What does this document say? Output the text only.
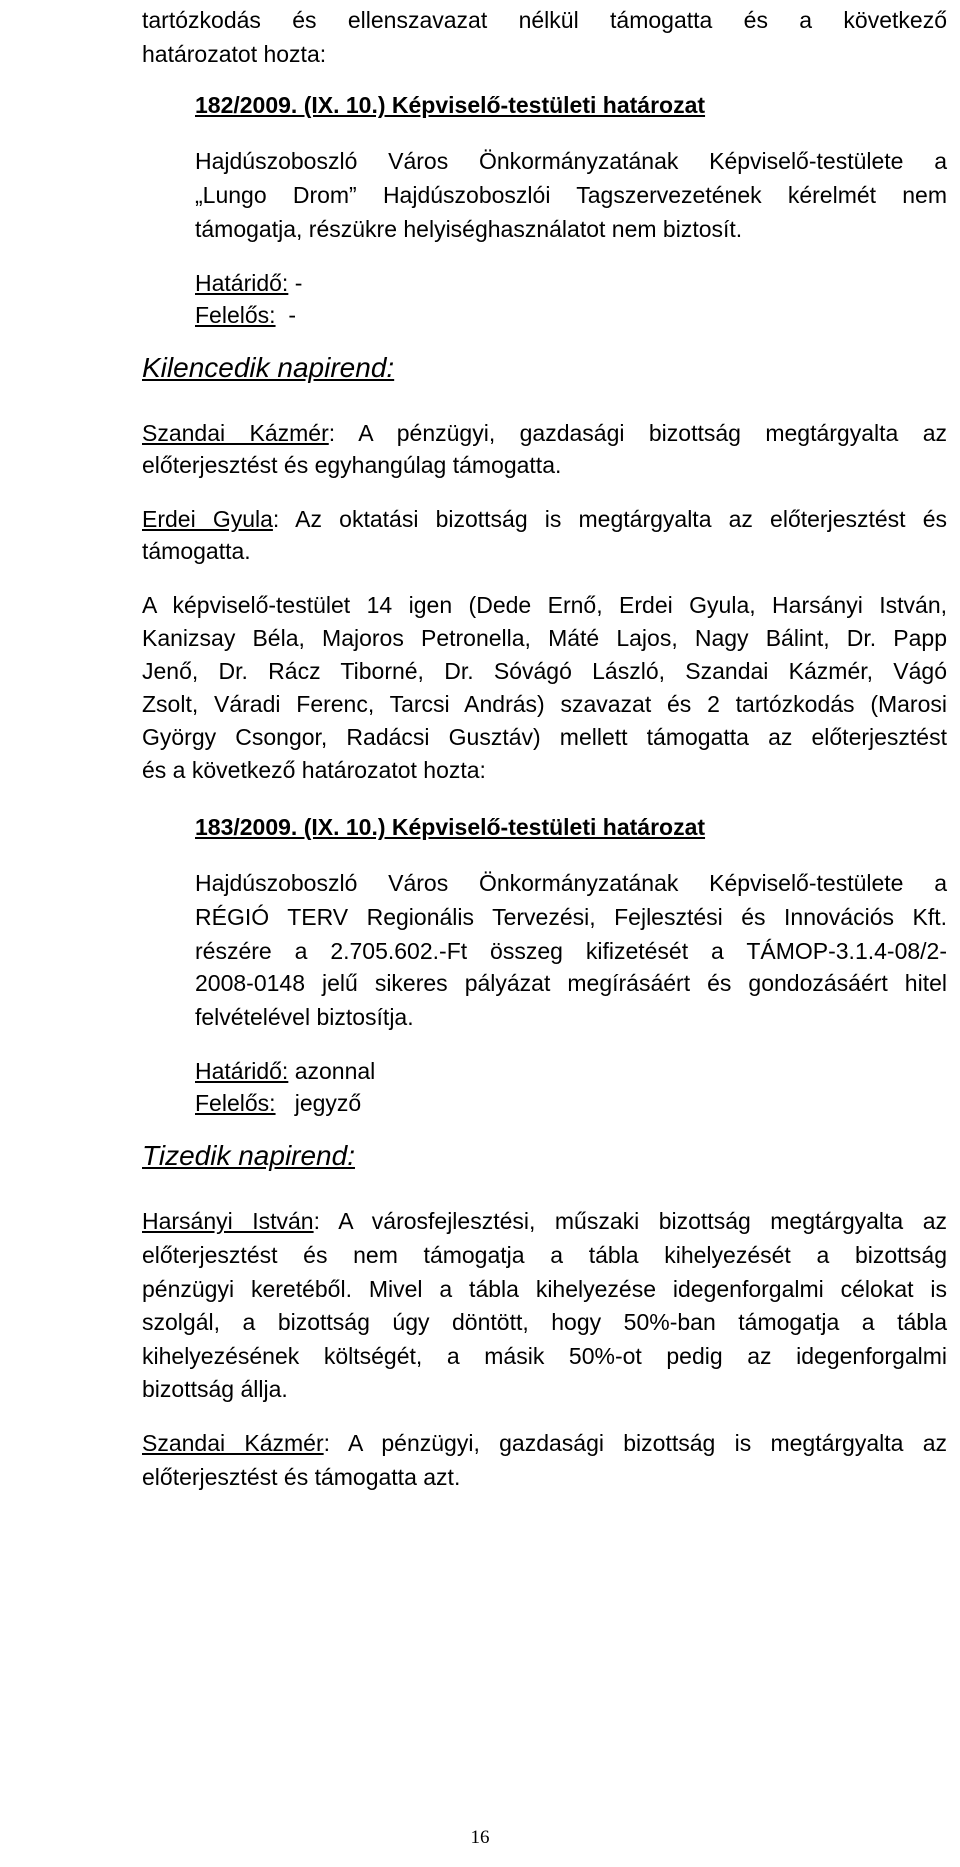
tartózkodás és ellenszavazat nélkül támogatta és a következő
határozatot hozta:
182/2009. (IX. 10.) Képviselő-testületi határozat
Hajdúszoboszló Város Önkormányzatának Képviselő-testülete a
„Lungo Drom” Hajdúszoboszlói Tagszervezetének kérelmét nem
támogatja, részükre helyiséghasználatot nem biztosít.
Határidő: -
Felelős: -
Kilencedik napirend:
Szandai Kázmér: A pénzügyi, gazdasági bizottság megtárgyalta az
előterjesztést és egyhangúlag támogatta.
Erdei Gyula: Az oktatási bizottság is megtárgyalta az előterjesztést és
támogatta.
A képviselő-testület 14 igen (Dede Ernő, Erdei Gyula, Harsányi István,
Kanizsay Béla, Majoros Petronella, Máté Lajos, Nagy Bálint, Dr. Papp
Jenő, Dr. Rácz Tiborné, Dr. Sóvágó László, Szandai Kázmér, Vágó
Zsolt, Váradi Ferenc, Tarcsi András) szavazat és 2 tartózkodás (Marosi
György Csongor, Radácsi Gusztáv) mellett támogatta az előterjesztést
és a következő határozatot hozta:
183/2009. (IX. 10.) Képviselő-testületi határozat
Hajdúszoboszló Város Önkormányzatának Képviselő-testülete a
RÉGIÓ TERV Regionális Tervezési, Fejlesztési és Innovációs Kft.
részére a 2.705.602.-Ft összeg kifizetését a TÁMOP-3.1.4-08/2-
2008-0148 jelű sikeres pályázat megírásáért és gondozásáért hitel
felvételével biztosítja.
Határidő: azonnal
Felelős: jegyző
Tizedik napirend:
Harsányi István: A városfejlesztési, műszaki bizottság megtárgyalta az
előterjesztést és nem támogatja a tábla kihelyezését a bizottság
pénzügyi keretéből. Mivel a tábla kihelyezése idegenforgalmi célokat is
szolgál, a bizottság úgy döntött, hogy 50%-ban támogatja a tábla
kihelyezésének költségét, a másik 50%-ot pedig az idegenforgalmi
bizottság állja.
Szandai Kázmér: A pénzügyi, gazdasági bizottság is megtárgyalta az
előterjesztést és támogatta azt.
16
